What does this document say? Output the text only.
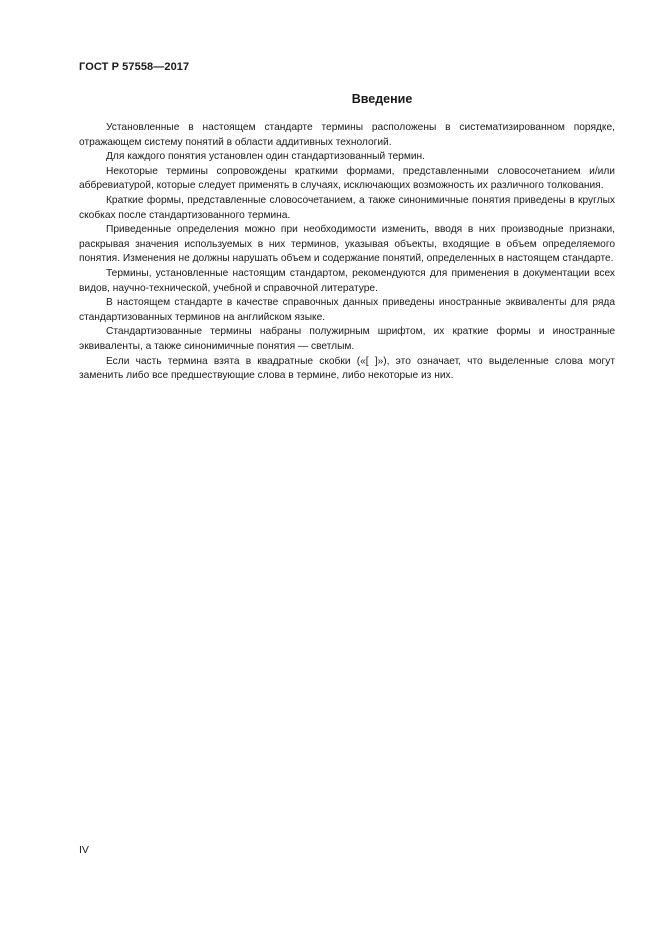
ГОСТ Р 57558—2017
Введение

Установленные в настоящем стандарте термины расположены в систематизированном порядке, отражающем систему понятий в области аддитивных технологий.

Для каждого понятия установлен один стандартизованный термин.

Некоторые термины сопровождены краткими формами, представленными словосочетанием и/или аббревиатурой, которые следует применять в случаях, исключающих возможность их различного толкования.

Краткие формы, представленные словосочетанием, а также синонимичные понятия приведены в круглых скобках после стандартизованного термина.

Приведенные определения можно при необходимости изменить, вводя в них производные признаки, раскрывая значения используемых в них терминов, указывая объекты, входящие в объем определяемого понятия. Изменения не должны нарушать объем и содержание понятий, определенных в настоящем стандарте.

Термины, установленные настоящим стандартом, рекомендуются для применения в документации всех видов, научно-технической, учебной и справочной литературе.

В настоящем стандарте в качестве справочных данных приведены иностранные эквиваленты для ряда стандартизованных терминов на английском языке.

Стандартизованные термины набраны полужирным шрифтом, их краткие формы и иностранные эквиваленты, а также синонимичные понятия — светлым.

Если часть термина взята в квадратные скобки («[ ]»), это означает, что выделенные слова могут заменить либо все предшествующие слова в термине, либо некоторые из них.

IV
